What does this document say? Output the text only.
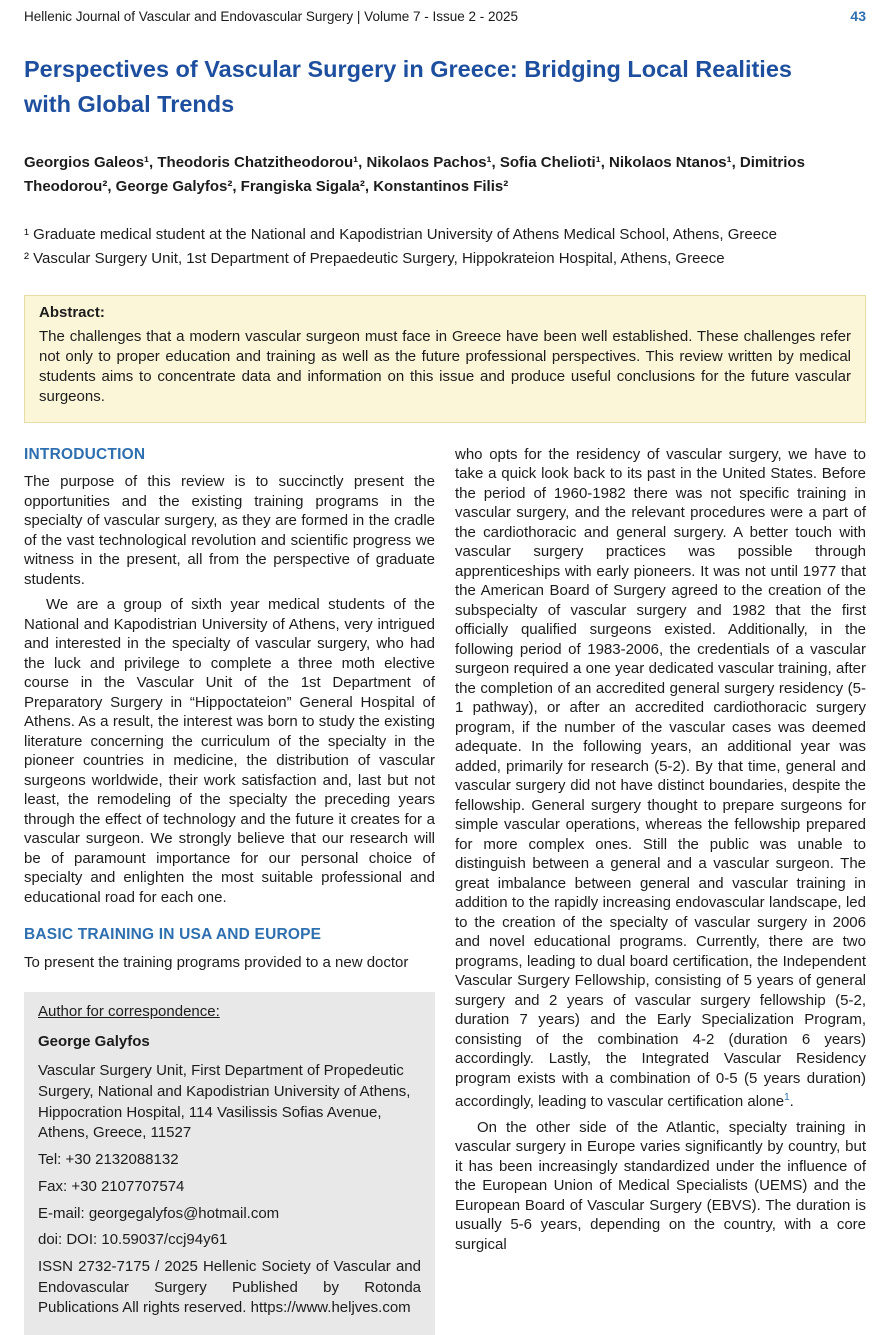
Hellenic Journal of Vascular and Endovascular Surgery | Volume 7 - Issue 2 - 2025	43
Perspectives of Vascular Surgery in Greece: Bridging Local Realities with Global Trends
Georgios Galeos¹, Theodoris Chatzitheodorou¹, Nikolaos Pachos¹, Sofia Chelioti¹, Nikolaos Ntanos¹, Dimitrios Theodorou², George Galyfos², Frangiska Sigala², Konstantinos Filis²

¹ Graduate medical student at the National and Kapodistrian University of Athens Medical School, Athens, Greece

² Vascular Surgery Unit, 1st Department of Prepaedeutic Surgery, Hippokrateion Hospital, Athens, Greece

Abstract:

The challenges that a modern vascular surgeon must face in Greece have been well established. These challenges refer not only to proper education and training as well as the future professional perspectives. This review written by medical students aims to concentrate data and information on this issue and produce useful conclusions for the future vascular surgeons.

INTRODUCTION

The purpose of this review is to succinctly present the opportunities and the existing training programs in the specialty of vascular surgery, as they are formed in the cradle of the vast technological revolution and scientific progress we witness in the present, all from the perspective of graduate students.

We are a group of sixth year medical students of the National and Kapodistrian University of Athens, very intrigued and interested in the specialty of vascular surgery, who had the luck and privilege to complete a three moth elective course in the Vascular Unit of the 1st Department of Preparatory Surgery in “Hippoctateion” General Hospital of Athens. As a result, the interest was born to study the existing literature concerning the curriculum of the specialty in the pioneer countries in medicine, the distribution of vascular surgeons worldwide, their work satisfaction and, last but not least, the remodeling of the specialty the preceding years through the effect of technology and the future it creates for a vascular surgeon. We strongly believe that our research will be of paramount importance for our personal choice of specialty and enlighten the most suitable professional and educational road for each one.

BASIC TRAINING IN USA AND EUROPE

To present the training programs provided to a new doctor

Author for correspondence:

George Galyfos

Vascular Surgery Unit, First Department of Propedeutic Surgery, National and Kapodistrian University of Athens, Hippocration Hospital, 114 Vasilissis Sofias Avenue, Athens, Greece, 11527

Tel: +30 2132088132

Fax: +30 2107707574

E-mail: georgegalyfos@hotmail.com

doi: DOI: 10.59037/ccj94y61

ISSN 2732-7175 / 2025 Hellenic Society of Vascular and Endovascular Surgery Published by Rotonda Publications All rights reserved. https://www.heljves.com

who opts for the residency of vascular surgery, we have to take a quick look back to its past in the United States. Before the period of 1960-1982 there was not specific training in vascular surgery, and the relevant procedures were a part of the cardiothoracic and general surgery. A better touch with vascular surgery practices was possible through apprenticeships with early pioneers. It was not until 1977 that the American Board of Surgery agreed to the creation of the subspecialty of vascular surgery and 1982 that the first officially qualified surgeons existed. Additionally, in the following period of 1983-2006, the credentials of a vascular surgeon required a one year dedicated vascular training, after the completion of an accredited general surgery residency (5-1 pathway), or after an accredited cardiothoracic surgery program, if the number of the vascular cases was deemed adequate. In the following years, an additional year was added, primarily for research (5-2). By that time, general and vascular surgery did not have distinct boundaries, despite the fellowship. General surgery thought to prepare surgeons for simple vascular operations, whereas the fellowship prepared for more complex ones. Still the public was unable to distinguish between a general and a vascular surgeon. The great imbalance between general and vascular training in addition to the rapidly increasing endovascular landscape, led to the creation of the specialty of vascular surgery in 2006 and novel educational programs. Currently, there are two programs, leading to dual board certification, the Independent Vascular Surgery Fellowship, consisting of 5 years of general surgery and 2 years of vascular surgery fellowship (5-2, duration 7 years) and the Early Specialization Program, consisting of the combination 4-2 (duration 6 years) accordingly. Lastly, the Integrated Vascular Residency program exists with a combination of 0-5 (5 years duration) accordingly, leading to vascular certification alone$^1$.

On the other side of the Atlantic, specialty training in vascular surgery in Europe varies significantly by country, but it has been increasingly standardized under the influence of the European Union of Medical Specialists (UEMS) and the European Board of Vascular Surgery (EBVS). The duration is usually 5-6 years, depending on the country, with a core surgical
